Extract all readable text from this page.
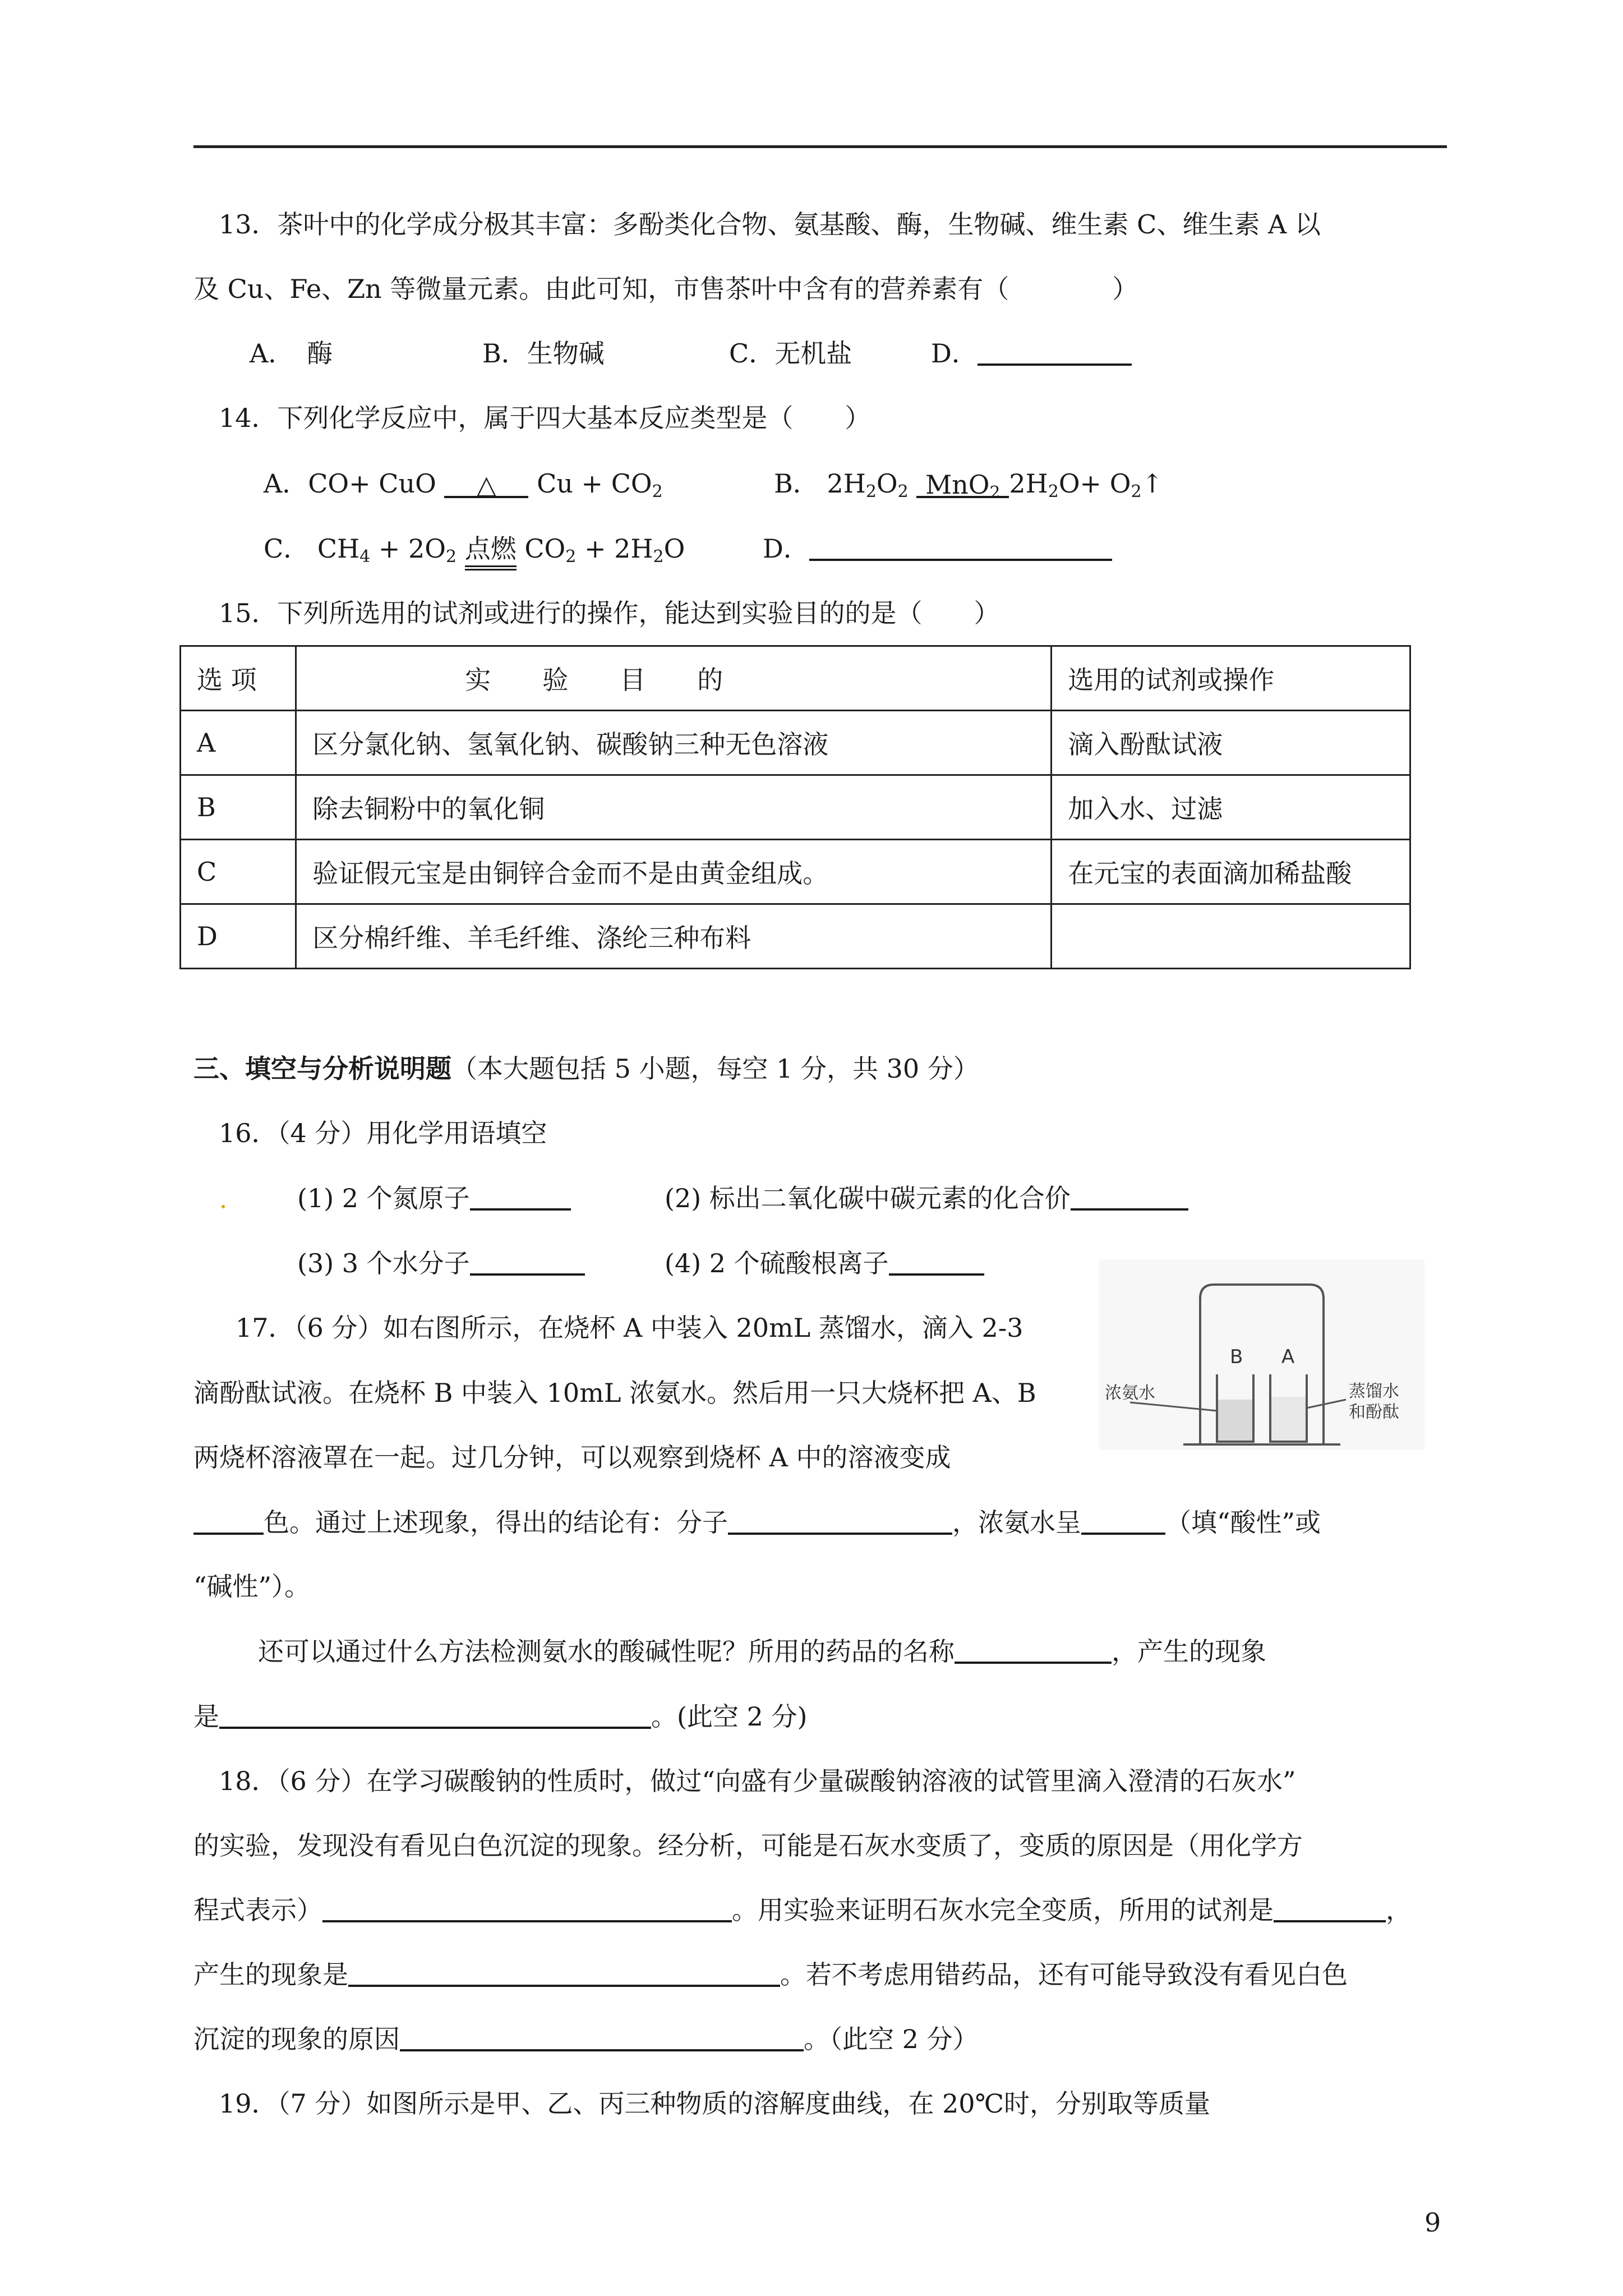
13．茶叶中的化学成分极其丰富：多酚类化合物、氨基酸、酶，生物碱、维生素 C、维生素 A 以
及 Cu、Fe、Zn 等微量元素。由此可知，市售茶叶中含有的营养素有（　　　　）
A．　酶	B．生物碱	C．无机盐	D．
14．下列化学反应中，属于四大基本反应类型是（　　）
A．CO+ CuO △ $Cu + CO_2$	B． $2H_2O_2$ MnO$_2$ $2H_2O+$ $O_2↑$
C． $CH_4 + 2O_2$ 点燃 $CO_2 + 2H_2O$	D．
15．下列所选用的试剂或进行的操作，能达到实验目的的是（　　）
选 项	实　　验　　目　　的	选用的试剂或操作
A	区分氯化钠、氢氧化钠、碳酸钠三种无色溶液	滴入酚酞试液
B	除去铜粉中的氧化铜	加入水、过滤
C	验证假元宝是由铜锌合金而不是由黄金组成。	在元宝的表面滴加稀盐酸
D	区分棉纤维、羊毛纤维、涤纶三种布料	
三、填空与分析说明题（本大题包括 5 小题，每空 1 分，共 30 分）
16．（4 分）用化学用语填空
(1) 2 个氮原子	(2) 标出二氧化碳中碳元素的化合价
(3) 3 个水分子	(4) 2 个硫酸根离子
17．（6 分）如右图所示，在烧杯 A 中装入 20mL 蒸馏水，滴入 2-3
滴酚酞试液。在烧杯 B 中装入 10mL 浓氨水。然后用一只大烧杯把 A、B
两烧杯溶液罩在一起。过几分钟，可以观察到烧杯 A 中的溶液变成
色。通过上述现象，得出的结论有：分子	，浓氨水呈	（填“酸性”或
“碱性”）。
还可以通过什么方法检测氨水的酸碱性呢？所用的药品的名称	，产生的现象
是	。(此空 2 分)
B A
浓氨水	蒸馏水
和酚酞
18．（6 分）在学习碳酸钠的性质时，做过“向盛有少量碳酸钠溶液的试管里滴入澄清的石灰水”
的实验，发现没有看见白色沉淀的现象。经分析，可能是石灰水变质了，变质的原因是（用化学方
程式表示）	。用实验来证明石灰水完全变质，所用的试剂是	，
产生的现象是	。若不考虑用错药品，还有可能导致没有看见白色
沉淀的现象的原因	。（此空 2 分）
19．（7 分）如图所示是甲、乙、丙三种物质的溶解度曲线，在 20℃时，分别取等质量
9
